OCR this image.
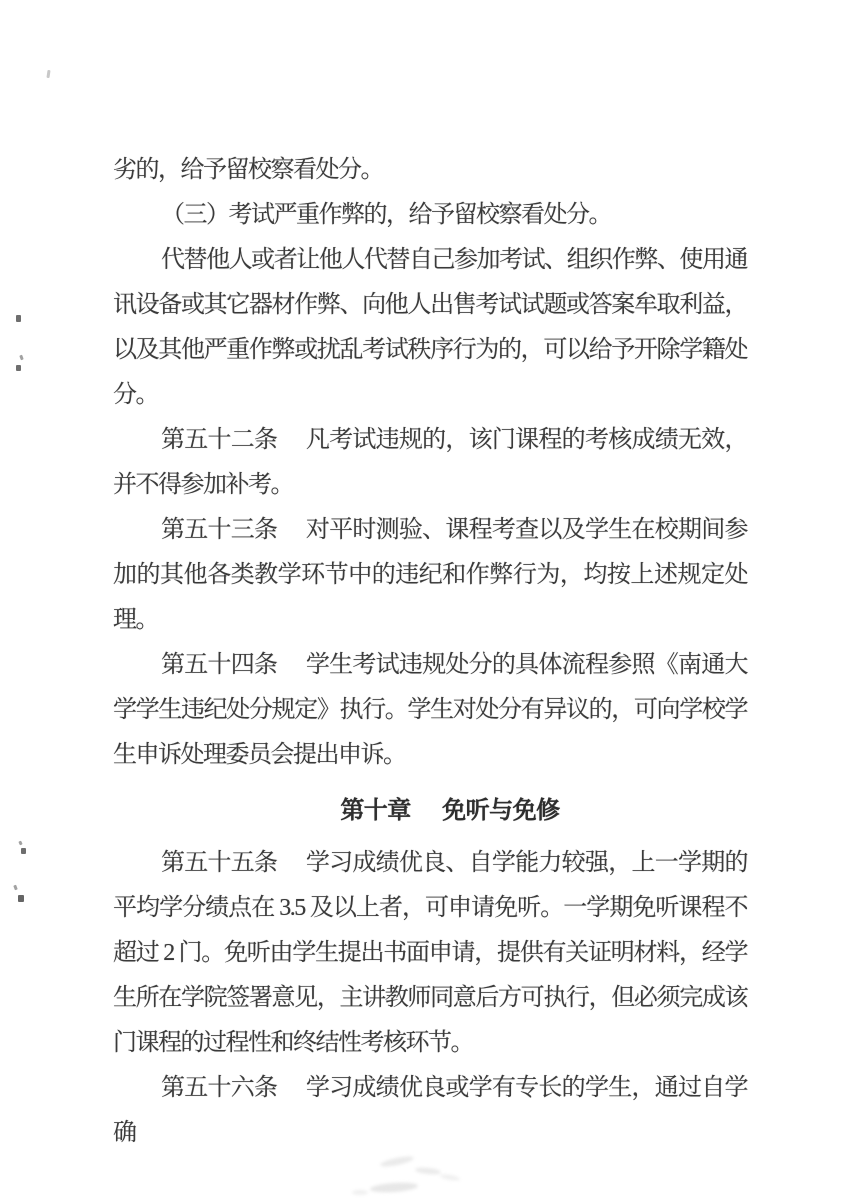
劣的，给予留校察看处分。

（三）考试严重作弊的，给予留校察看处分。

代替他人或者让他人代替自己参加考试、组织作弊、使用通讯设备或其它器材作弊、向他人出售考试试题或答案牟取利益，以及其他严重作弊或扰乱考试秩序行为的，可以给予开除学籍处分。

第五十二条　 凡考试违规的，该门课程的考核成绩无效，并不得参加补考。

第五十三条　 对平时测验、课程考查以及学生在校期间参加的其他各类教学环节中的违纪和作弊行为，均按上述规定处理。

第五十四条　 学生考试违规处分的具体流程参照《南通大学学生违纪处分规定》执行。学生对处分有异议的，可向学校学生申诉处理委员会提出申诉。

第十章　 免听与免修

第五十五条　 学习成绩优良、自学能力较强，上一学期的平均学分绩点在 3.5 及以上者，可申请免听。一学期免听课程不超过 2 门。免听由学生提出书面申请，提供有关证明材料，经学生所在学院签署意见，主讲教师同意后方可执行，但必须完成该门课程的过程性和终结性考核环节。

第五十六条　 学习成绩优良或学有专长的学生，通过自学确
